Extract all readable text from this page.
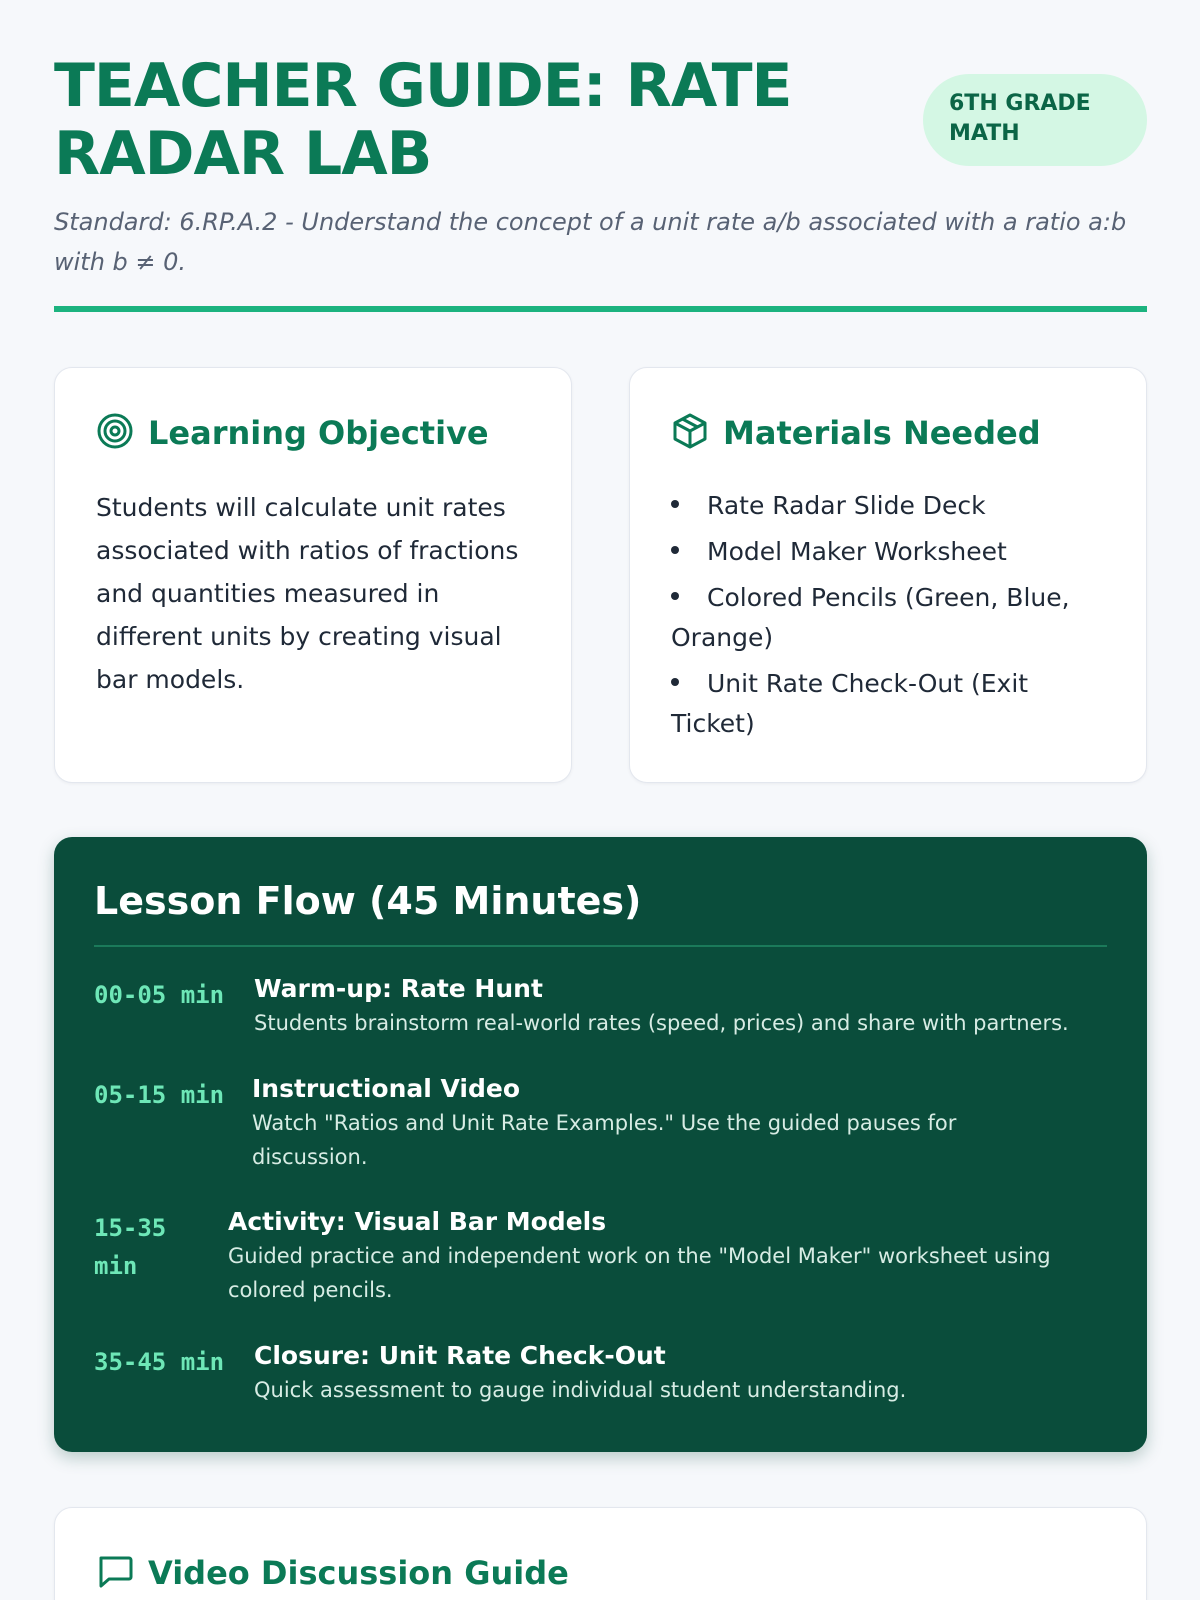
TEACHER GUIDE: RATE RADAR LAB
6TH GRADE MATH

Standard: 6.RP.A.2 - Understand the concept of a unit rate a/b associated with a ratio a:b with b ≠ 0.

Learning Objective

Students will calculate unit rates associated with ratios of fractions and quantities measured in different units by creating visual bar models.

Materials Needed
Rate Radar Slide Deck
Model Maker Worksheet
Colored Pencils (Green, Blue, Orange)
Unit Rate Check-Out (Exit Ticket)
Lesson Flow (45 Minutes)
00-05 min Warm-up: Rate Hunt
Students brainstorm real-world rates (speed, prices) and share with partners.
05-15 min Instructional Video
Watch "Ratios and Unit Rate Examples." Use the guided pauses for discussion.
15-35 min
Activity: Visual Bar Models
Guided practice and independent work on the "Model Maker" worksheet using colored pencils.
35-45 min Closure: Unit Rate Check-Out
Quick assessment to gauge individual student understanding.
Video Discussion Guide
